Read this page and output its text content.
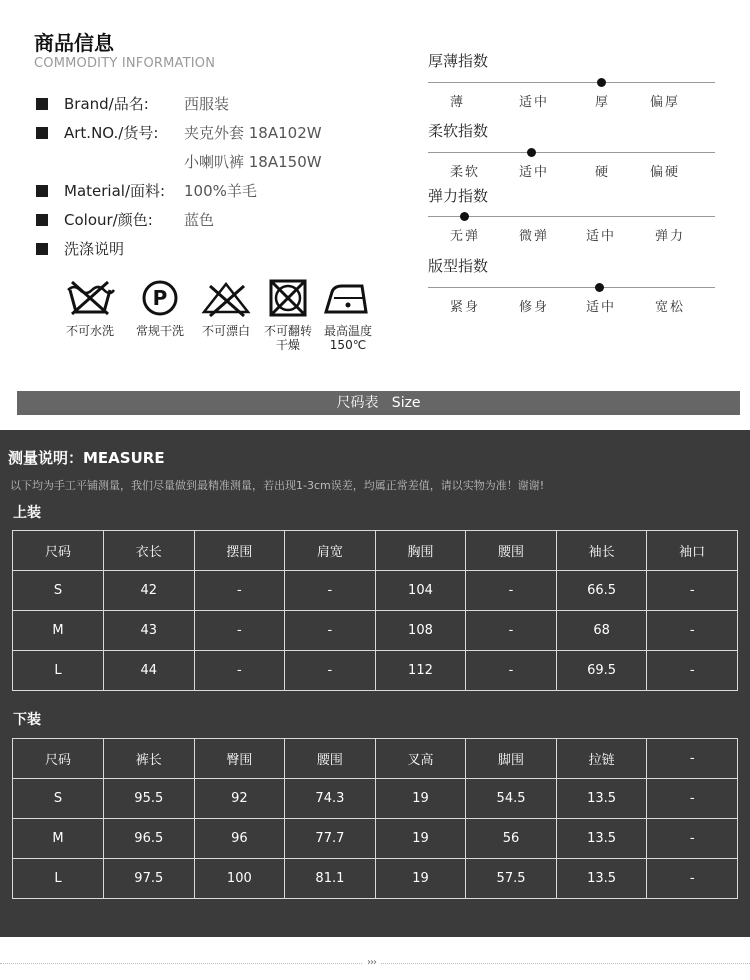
商品信息
COMMODITY INFORMATION
Brand/品名: 西服装
Art.NO./货号: 夹克外套 18A102W
小喇叭裤 18A150W
Material/面料: 100%羊毛
Colour/颜色: 蓝色
洗涤说明
不可水洗
P
常规干洗	不可漂白	不可翻转
干燥
最高温度
150℃
厚薄指数
薄	适中	厚	偏厚
柔软指数
柔软	适中	硬	偏硬
弹力指数
无弹	微弹	适中	弹力
版型指数
紧身	修身	适中	宽松
尺码表   Size
测量说明：MEASURE
以下均为手工平铺测量，我们尽量做到最精准测量，若出现1-3cm误差，均属正常差值，请以实物为准！谢谢!
上装
尺码	衣长	摆围	肩宽	胸围	腰围	袖长	袖口
S	42	-	-	104	-	66.5	-
M	43	-	-	108	-	68	-
L	44	-	-	112	-	69.5	-
下装
尺码	裤长	臀围	腰围	叉高	脚围	拉链	-
S	95.5	92	74.3	19	54.5	13.5	-
M	96.5	96	77.7	19	56	13.5	-
L	97.5	100	81.1	19	57.5	13.5	-
›››
